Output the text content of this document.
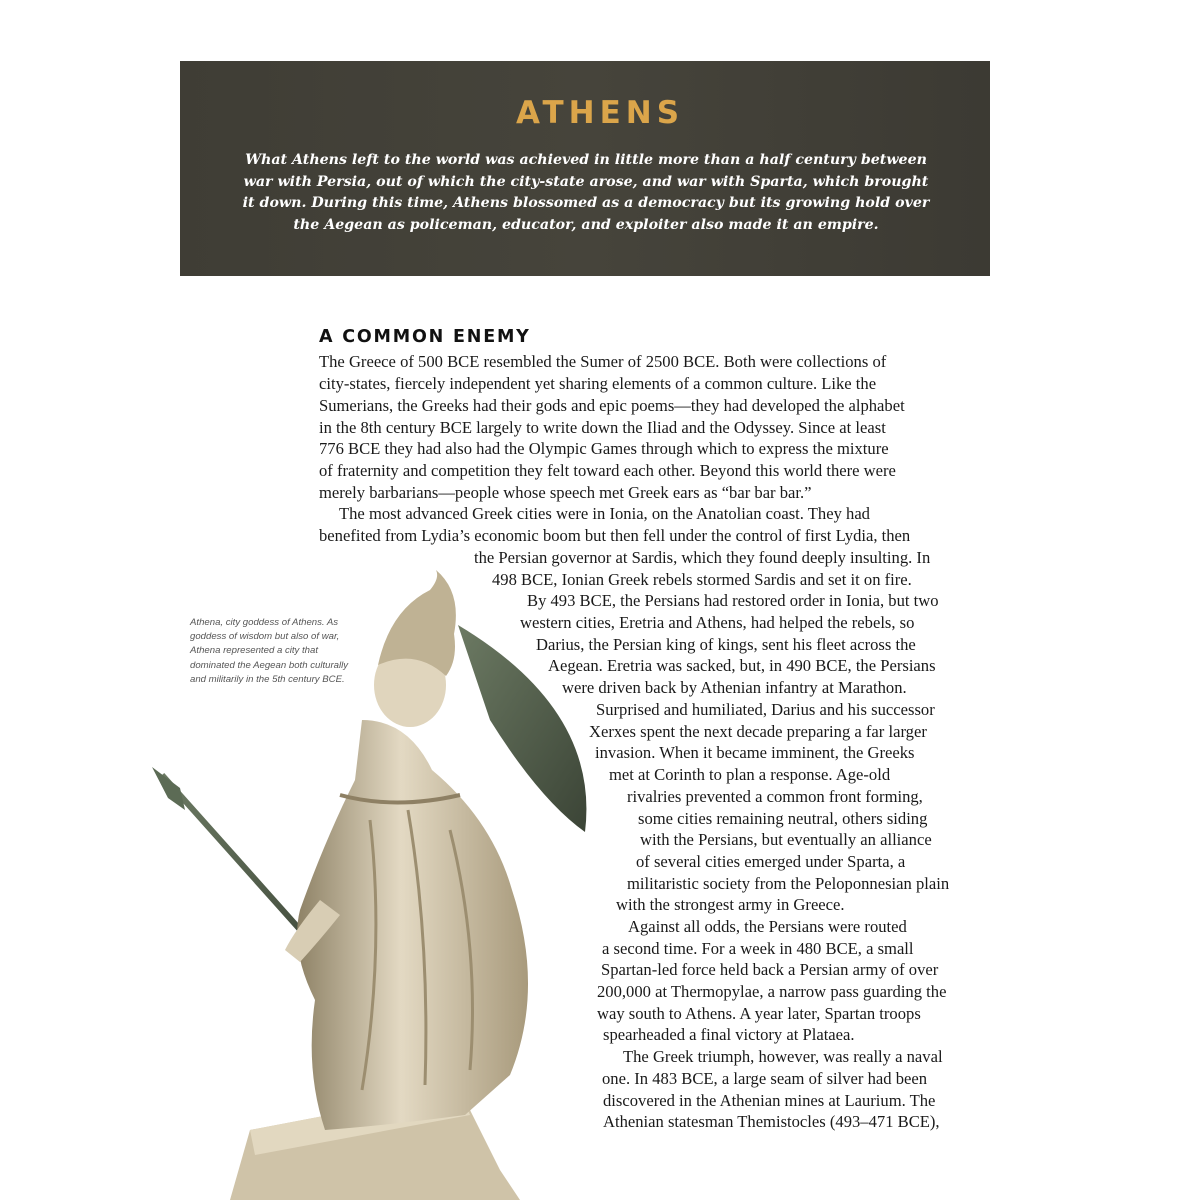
ATHENS

What Athens left to the world was achieved in little more than a half century between war with Persia, out of which the city-state arose, and war with Sparta, which brought it down. During this time, Athens blossomed as a democracy but its growing hold over the Aegean as policeman, educator, and exploiter also made it an empire.

A COMMON ENEMY

The Greece of 500 BCE resembled the Sumer of 2500 BCE. Both were collections of

city-states, fiercely independent yet sharing elements of a common culture. Like the

Sumerians, the Greeks had their gods and epic poems—they had developed the alphabet

in the 8th century BCE largely to write down the Iliad and the Odyssey. Since at least

776 BCE they had also had the Olympic Games through which to express the mixture

of fraternity and competition they felt toward each other. Beyond this world there were

merely barbarians—people whose speech met Greek ears as “bar bar bar.”

The most advanced Greek cities were in Ionia, on the Anatolian coast. They had

benefited from Lydia’s economic boom but then fell under the control of first Lydia, then

the Persian governor at Sardis, which they found deeply insulting. In

498 BCE, Ionian Greek rebels stormed Sardis and set it on fire.

By 493 BCE, the Persians had restored order in Ionia, but two

western cities, Eretria and Athens, had helped the rebels, so

Darius, the Persian king of kings, sent his fleet across the

Aegean. Eretria was sacked, but, in 490 BCE, the Persians

were driven back by Athenian infantry at Marathon.

Surprised and humiliated, Darius and his successor

Xerxes spent the next decade preparing a far larger

invasion. When it became imminent, the Greeks

met at Corinth to plan a response. Age-old

rivalries prevented a common front forming,

some cities remaining neutral, others siding

with the Persians, but eventually an alliance

of several cities emerged under Sparta, a

militaristic society from the Peloponnesian plain

with the strongest army in Greece.

Against all odds, the Persians were routed

a second time. For a week in 480 BCE, a small

Spartan-led force held back a Persian army of over

200,000 at Thermopylae, a narrow pass guarding the

way south to Athens. A year later, Spartan troops

spearheaded a final victory at Plataea.

The Greek triumph, however, was really a naval

one. In 483 BCE, a large seam of silver had been

discovered in the Athenian mines at Laurium. The

Athenian statesman Themistocles (493–471 BCE),

Athena, city goddess of Athens. As goddess of wisdom but also of war, Athena represented a city that dominated the Aegean both culturally and militarily in the 5th century BCE.
